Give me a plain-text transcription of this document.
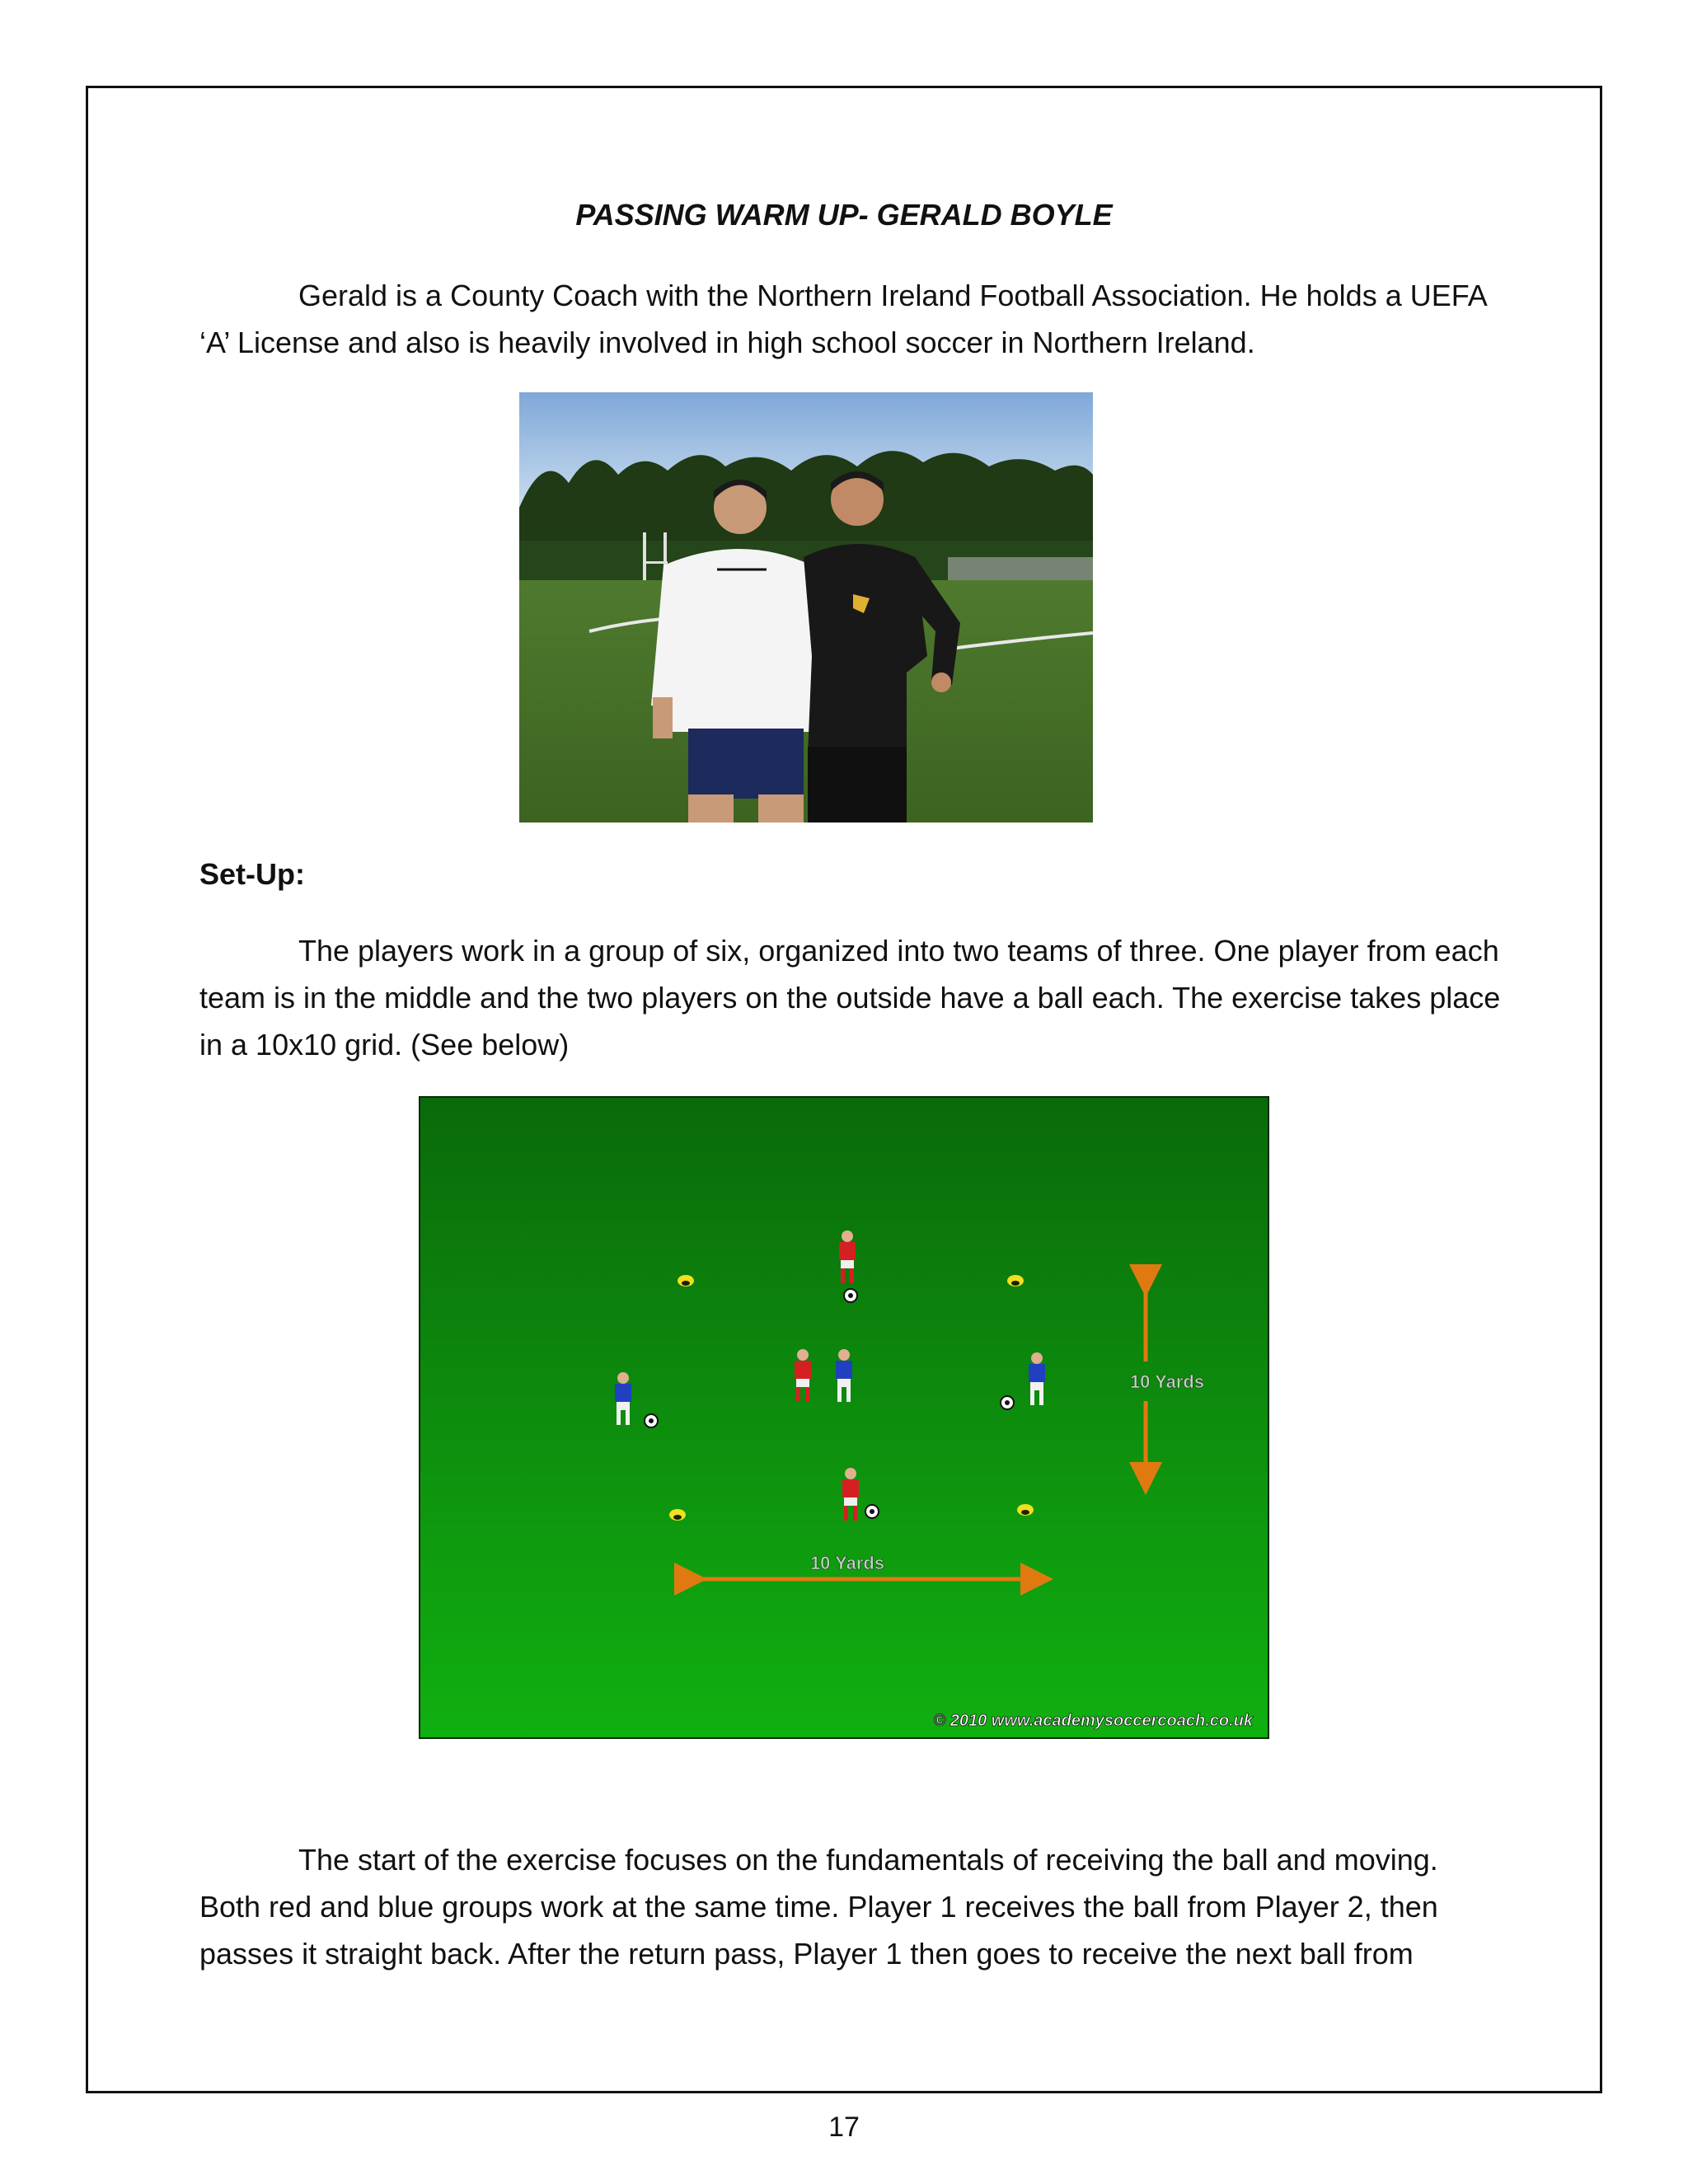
PASSING WARM UP- GERALD BOYLE

Gerald is a County Coach with the Northern Ireland Football Association. He holds a UEFA ‘A’ License and also is heavily involved in high school soccer in Northern Ireland.

Set-Up:

The players work in a group of six, organized into two teams of three. One player from each team is in the middle and the two players on the outside have a ball each. The exercise takes place in a 10x10 grid. (See below)

10 Yards
10 Yards
© 2010 www.academysoccercoach.co.uk

The start of the exercise focuses on the fundamentals of receiving the ball and moving. Both red and blue groups work at the same time. Player 1 receives the ball from Player 2, then passes it straight back. After the return pass, Player 1 then goes to receive the next ball from

17
